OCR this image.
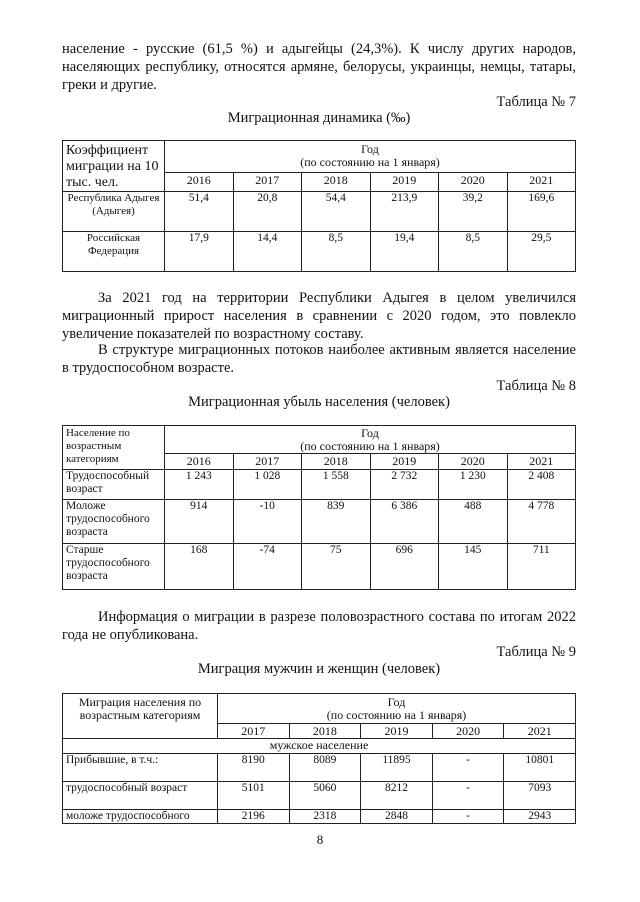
население - русские (61,5 %) и адыгейцы (24,3%). К числу других народов, населяющих республику, относятся армяне, белорусы, украинцы, немцы, татары, греки и другие.
Таблица № 7
Миграционная динамика (‰)
Коэффициент миграции на 10 тыс. чел.	Год
(по состоянию на 1 января)					

	2016	2017	2018	2019	2020	2021
Республика Адыгея (Адыгея)	51,4	20,8	54,4	213,9	39,2	169,6
Российская Федерация	17,9	14,4	8,5	19,4	8,5	29,5
За 2021 год на территории Республики Адыгея в целом увеличился миграционный прирост населения в сравнении с 2020 годом, это повлекло увеличение показателей по возрастному составу.
В структуре миграционных потоков наиболее активным является население в трудоспособном возрасте.
Таблица № 8
Миграционная убыль населения (человек)
Население по возрастным категориям	Год
(по состоянию на 1 января)					

	2016	2017	2018	2019	2020	2021
Трудоспособный возраст	1 243	1 028	1 558	2 732	1 230	2 408
Моложе трудоспособного возраста	914	-10	839	6 386	488	4 778
Старше трудоспособного возраста	168	-74	75	696	145	711
Информация о миграции в разрезе половозрастного состава по итогам 2022 года не опубликована.
Таблица № 9
Миграция мужчин и женщин (человек)
Миграция населения по возрастным категориям	Год
(по состоянию на 1 января)				

	2017	2018	2019	2020	2021
мужское население					
Прибывшие, в т.ч.:	8190	8089	11895	-	10801
трудоспособный возраст	5101	5060	8212	-	7093
моложе трудоспособного	2196	2318	2848	-	2943
8
